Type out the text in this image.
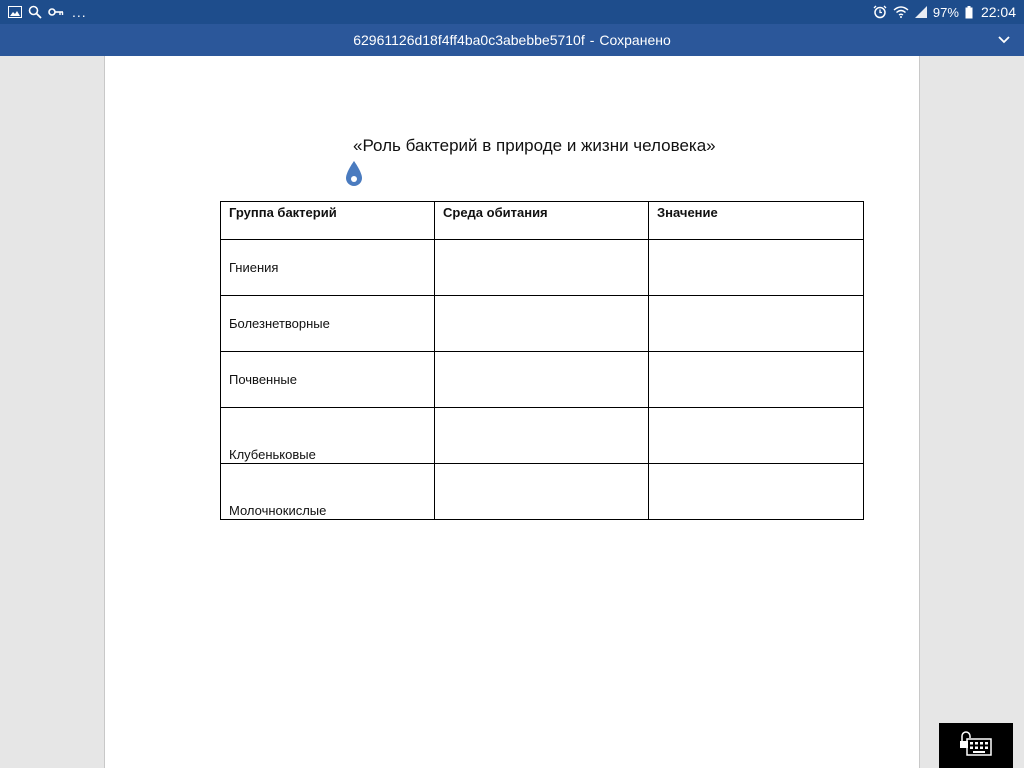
...	97% 22:04
62961126d18f4ff4ba0c3abebbe5710f - Сохранено
«Роль бактерий в природе и жизни человека»
Группа бактерий	Среда обитания	Значение
Гниения		
Болезнетворные		
Почвенные		
Клубеньковые		
Молочнокислые		
